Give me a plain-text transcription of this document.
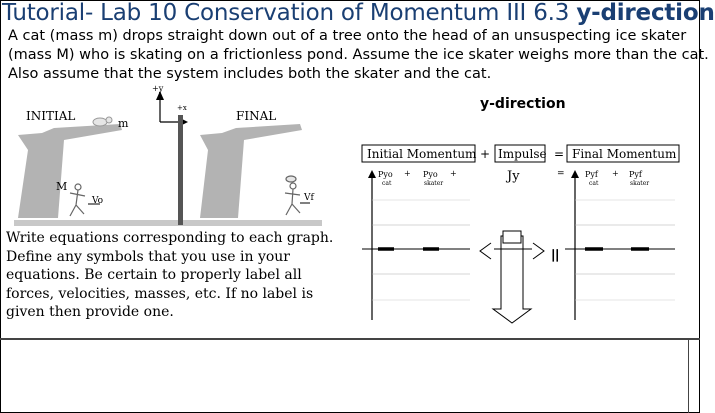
Tutorial- Lab 10 Conservation of Momentum III 6.3 y-direction
A cat (mass m) drops straight down out of a tree onto the head of an unsuspecting ice skater
(mass M) who is skating on a frictionless pond. Assume the ice skater weighs more than the cat.
Also assume that the system includes both the skater and the cat.
+y
+x
INITIAL	FINAL
m
M
Vo	Vf
Initial Momentum + Impulse = Final Momentum
Pyo
cat
+ Pyo
skater
+	Jy	=	Pyf
cat
+ Pyf
skater
=
y-direction
Write equations corresponding to each graph.
Define any symbols that you use in your
equations. Be certain to properly label all
forces, velocities, masses, etc. If no label is
given then provide one.
